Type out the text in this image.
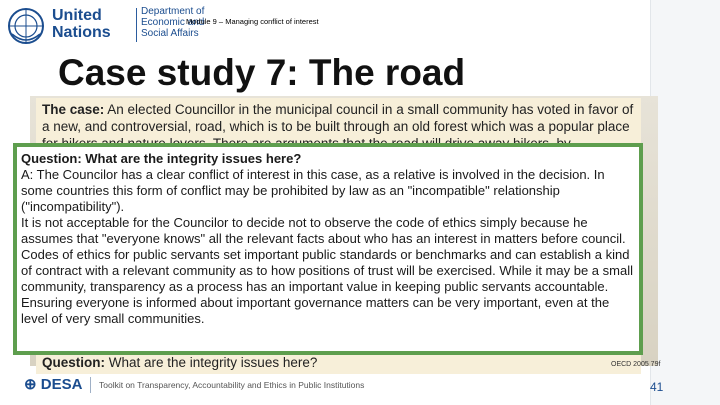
United
Nations
Department of
Economic and
Social Affairs
Module 9 – Managing conflict of interest
Case study 7: The road
The case: An elected Councillor in the municipal council in a small community has voted in favor of a new, and controversial, road, which is to be built through an old forest which was a popular place
Question: What are the integrity issues here?

Question: What are the integrity issues here?

A: The Councilor has a clear conflict of interest in this case, as a relative is involved in the decision. In some countries this form of conflict may be prohibited by law as an "incompatible" relationship ("incompatibility").

It is not acceptable for the Councilor to decide not to observe the code of ethics simply because he assumes that "everyone knows" all the relevant facts about who has an interest in matters before council. Codes of ethics for public servants set important public standards or benchmarks and can establish a kind of contract with a relevant community as to how positions of trust will be exercised. While it may be a small community, transparency as a process has an important value in keeping public servants accountable. Ensuring everyone is informed about important governance matters can be very important, even at the level of very small communities.

OECD 2005 79f
⊕ DESA Toolkit on Transparency, Accountability and Ethics in Public Institutions	41
